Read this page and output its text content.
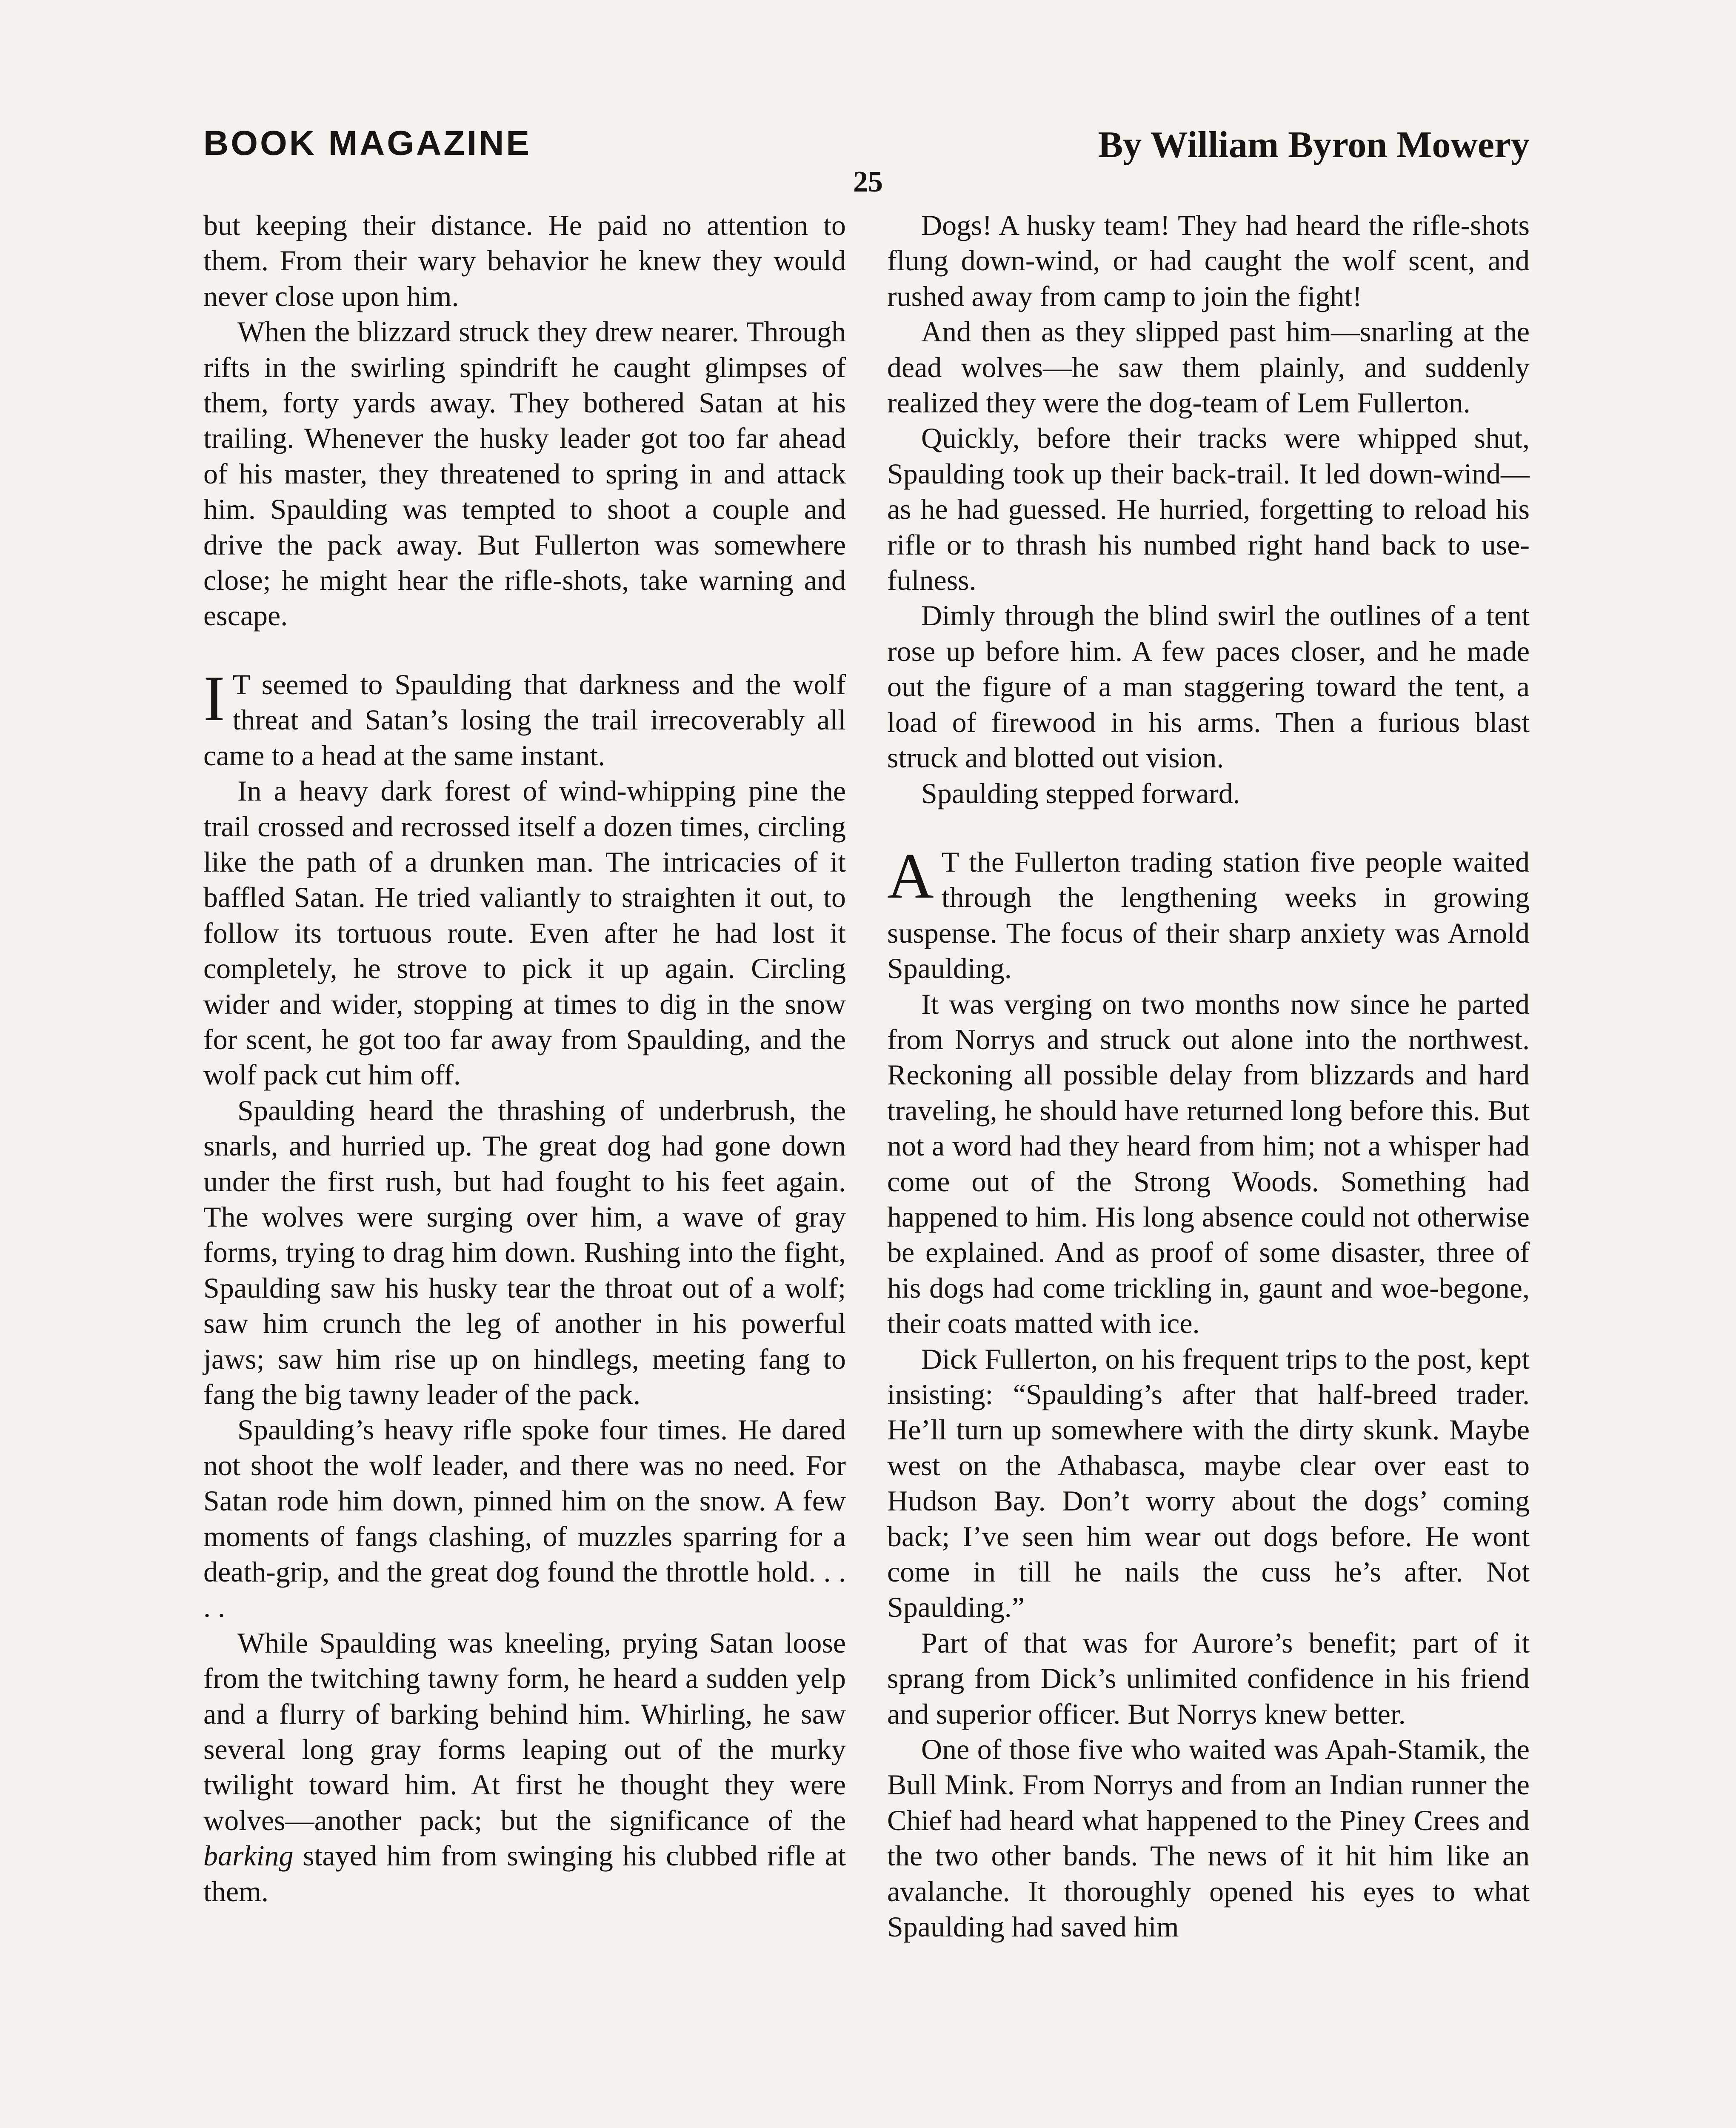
BOOK MAGAZINE	By William Byron Mowery
25

but keeping their distance. He paid no attention to them. From their wary behavior he knew they would never close upon him.

When the blizzard struck they drew nearer. Through rifts in the swirling spindrift he caught glimpses of them, forty yards away. They bothered Satan at his trailing. Whenever the husky leader got too far ahead of his master, they threatened to spring in and attack him. Spaulding was tempted to shoot a couple and drive the pack away. But Fullerton was somewhere close; he might hear the rifle-shots, take warning and escape.

I T seemed to Spaulding that darkness and the wolf threat and Satan’s losing the trail irrecoverably all came to a head at the same instant.

In a heavy dark forest of wind-whipping pine the trail crossed and recrossed itself a dozen times, circling like the path of a drunken man. The intricacies of it baffled Satan. He tried valiantly to straighten it out, to follow its tortuous route. Even after he had lost it completely, he strove to pick it up again. Circling wider and wider, stopping at times to dig in the snow for scent, he got too far away from Spaulding, and the wolf pack cut him off.

Spaulding heard the thrashing of underbrush, the snarls, and hurried up. The great dog had gone down under the first rush, but had fought to his feet again. The wolves were surging over him, a wave of gray forms, trying to drag him down. Rushing into the fight, Spaulding saw his husky tear the throat out of a wolf; saw him crunch the leg of another in his powerful jaws; saw him rise up on hindlegs, meeting fang to fang the big tawny leader of the pack.

Spaulding’s heavy rifle spoke four times. He dared not shoot the wolf leader, and there was no need. For Satan rode him down, pinned him on the snow. A few moments of fangs clashing, of muzzles sparring for a death-grip, and the great dog found the throttle hold. . . . .

While Spaulding was kneeling, prying Satan loose from the twitching tawny form, he heard a sudden yelp and a flurry of barking behind him. Whirling, he saw several long gray forms leaping out of the murky twilight toward him. At first he thought they were wolves—another pack; but the significance of the barking stayed him from swinging his clubbed rifle at them.

Dogs! A husky team! They had heard the rifle-shots flung down-wind, or had caught the wolf scent, and rushed away from camp to join the fight!

And then as they slipped past him—snarling at the dead wolves—he saw them plainly, and suddenly realized they were the dog-team of Lem Fullerton.

Quickly, before their tracks were whipped shut, Spaulding took up their back-trail. It led down-wind—as he had guessed. He hurried, forgetting to reload his rifle or to thrash his numbed right hand back to usefulness.

Dimly through the blind swirl the outlines of a tent rose up before him. A few paces closer, and he made out the figure of a man staggering toward the tent, a load of firewood in his arms. Then a furious blast struck and blotted out vision.

Spaulding stepped forward.

A T the Fullerton trading station five people waited through the lengthening weeks in growing suspense. The focus of their sharp anxiety was Arnold Spaulding.

It was verging on two months now since he parted from Norrys and struck out alone into the northwest. Reckoning all possible delay from blizzards and hard traveling, he should have returned long before this. But not a word had they heard from him; not a whisper had come out of the Strong Woods. Something had happened to him. His long absence could not otherwise be explained. And as proof of some disaster, three of his dogs had come trickling in, gaunt and woe-begone, their coats matted with ice.

Dick Fullerton, on his frequent trips to the post, kept insisting: “Spaulding’s after that half-breed trader. He’ll turn up somewhere with the dirty skunk. Maybe west on the Athabasca, maybe clear over east to Hudson Bay. Don’t worry about the dogs’ coming back; I’ve seen him wear out dogs before. He wont come in till he nails the cuss he’s after. Not Spaulding.”

Part of that was for Aurore’s benefit; part of it sprang from Dick’s unlimited confidence in his friend and superior officer. But Norrys knew better.

One of those five who waited was Apah-Stamik, the Bull Mink. From Norrys and from an Indian runner the Chief had heard what happened to the Piney Crees and the two other bands. The news of it hit him like an avalanche. It thoroughly opened his eyes to what Spaulding had saved him
